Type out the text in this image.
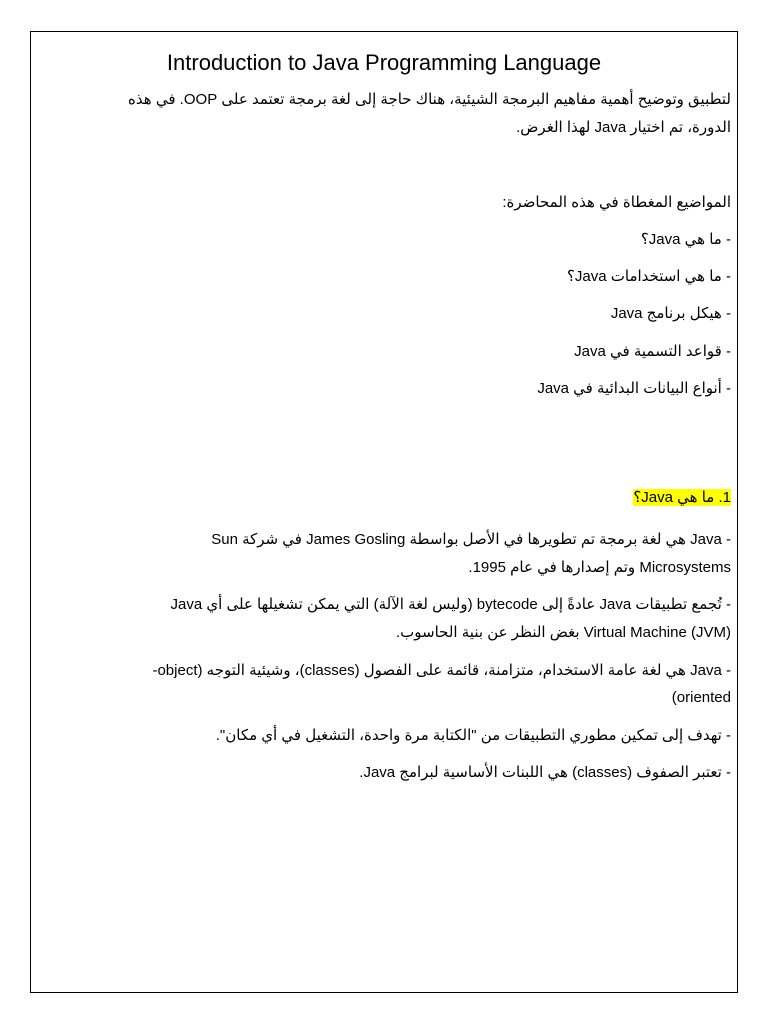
Introduction to Java Programming Language
لتطبيق وتوضيح أهمية مفاهيم البرمجة الشيئية، هناك حاجة إلى لغة برمجة تعتمد على OOP. في هذه
الدورة، تم اختيار Java لهذا الغرض.
المواضيع المغطاة في هذه المحاضرة:
- ما هي Java؟
- ما هي استخدامات Java؟
- هيكل برنامج Java
- قواعد التسمية في Java
- أنواع البيانات البدائية في Java
1. ما هي Java؟
- Java هي لغة برمجة تم تطويرها في الأصل بواسطة James Gosling في شركة Sun
Microsystems وتم إصدارها في عام 1995.
- تُجمع تطبيقات Java عادةً إلى bytecode (وليس لغة الآلة) التي يمكن تشغيلها على أي Java
Virtual Machine (JVM) بغض النظر عن بنية الحاسوب.
- Java هي لغة عامة الاستخدام، متزامنة، قائمة على الفصول (classes)، وشيئية التوجه (object-
oriented)
- تهدف إلى تمكين مطوري التطبيقات من "الكتابة مرة واحدة، التشغيل في أي مكان".
- تعتبر الصفوف (classes) هي اللبنات الأساسية لبرامج Java.
